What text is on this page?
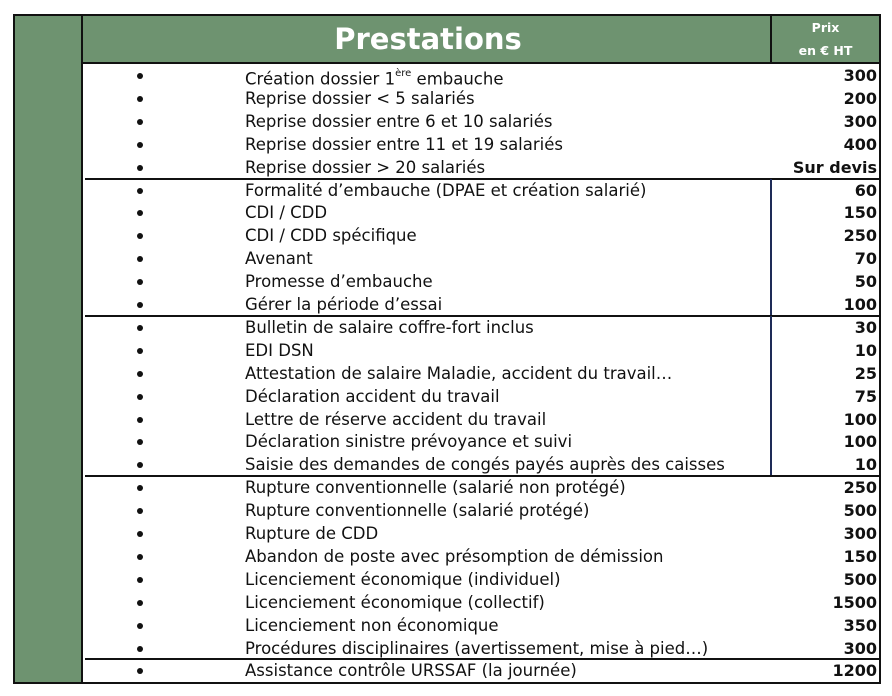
Prestations	Prix
en € HT
Création dossier 1ère embauche	300
Reprise dossier < 5 salariés	200
Reprise dossier entre 6 et 10 salariés	300
Reprise dossier entre 11 et 19 salariés	400
Reprise dossier > 20 salariés	Sur devis
Formalité d’embauche (DPAE et création salarié)	60
CDI / CDD	150
CDI / CDD spécifique	250
Avenant	70
Promesse d’embauche	50
Gérer la période d’essai	100
Bulletin de salaire coffre-fort inclus	30
EDI DSN	10
Attestation de salaire Maladie, accident du travail…	25
Déclaration accident du travail	75
Lettre de réserve accident du travail	100
Déclaration sinistre prévoyance et suivi	100
Saisie des demandes de congés payés auprès des caisses	10
Rupture conventionnelle (salarié non protégé)	250
Rupture conventionnelle (salarié protégé)	500
Rupture de CDD	300
Abandon de poste avec présomption de démission	150
Licenciement économique (individuel)	500
Licenciement économique (collectif)	1500
Licenciement non économique	350
Procédures disciplinaires (avertissement, mise à pied…)	300
Assistance contrôle URSSAF (la journée)	1200
